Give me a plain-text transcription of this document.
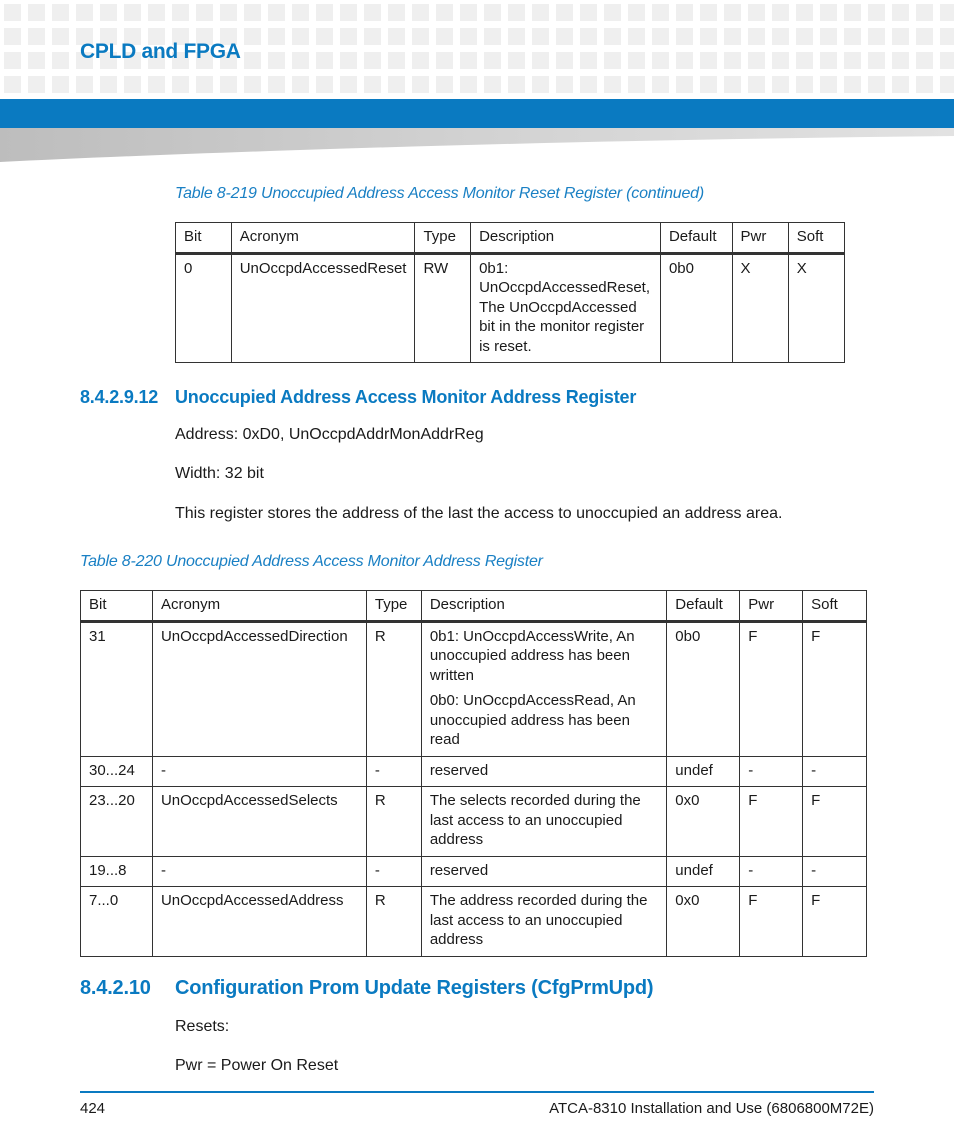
CPLD and FPGA
Table 8-219 Unoccupied Address Access Monitor Reset Register (continued)
Bit	Acronym	Type	Description	Default	Pwr	Soft
0	UnOccpdAccessedReset	RW	0b1: UnOccpdAccessedReset, The UnOccpdAccessed bit in the monitor register is reset.	0b0	X	X
8.4.2.9.12 Unoccupied Address Access Monitor Address Register
Address: 0xD0, UnOccpdAddrMonAddrReg
Width: 32 bit
This register stores the address of the last the access to unoccupied an address area.
Table 8-220 Unoccupied Address Access Monitor Address Register
Bit	Acronym	Type	Description	Default	Pwr	Soft
31	UnOccpdAccessedDirection	R	0b1: UnOccpdAccessWrite, An unoccupied address has been written

0b0: UnOccpdAccessRead, An unoccupied address has been read	0b0	F	F
30...24	-	-	reserved	undef	-	-
23...20	UnOccpdAccessedSelects	R	The selects recorded during the last access to an unoccupied address	0x0	F	F
19...8	-	-	reserved	undef	-	-
7...0	UnOccpdAccessedAddress	R	The address recorded during the last access to an unoccupied address	0x0	F	F
8.4.2.10 Configuration Prom Update Registers (CfgPrmUpd)
Resets:
Pwr = Power On Reset
424	ATCA-8310 Installation and Use (6806800M72E)
